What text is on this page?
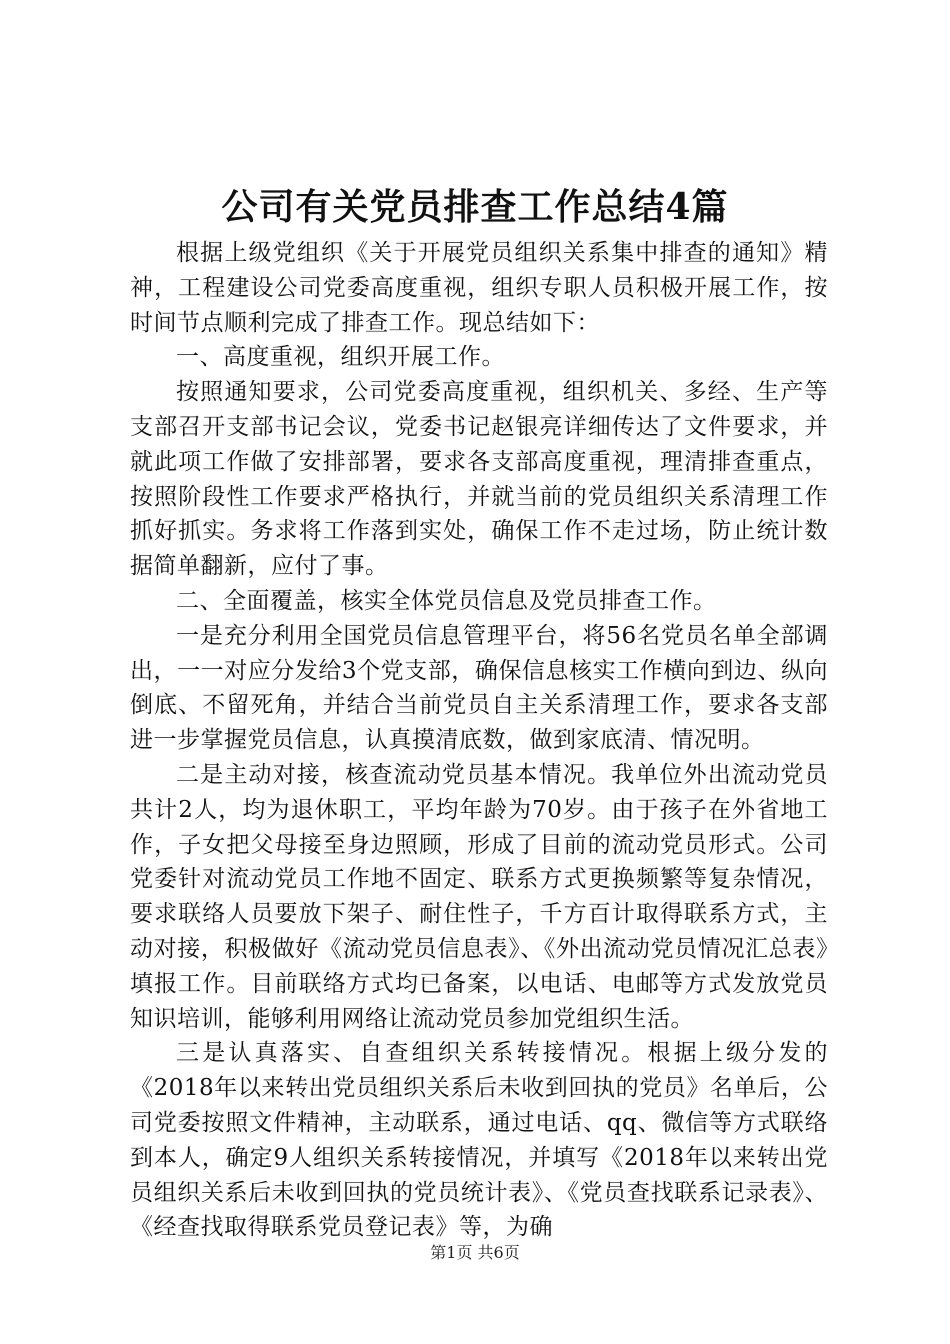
公司有关党员排查工作总结4篇

根据上级党组织《关于开展党员组织关系集中排查的通知》精神，工程建设公司党委高度重视，组织专职人员积极开展工作，按时间节点顺利完成了排查工作。现总结如下：

一、高度重视，组织开展工作。

按照通知要求，公司党委高度重视，组织机关、多经、生产等支部召开支部书记会议，党委书记赵银亮详细传达了文件要求，并就此项工作做了安排部署，要求各支部高度重视，理清排查重点，按照阶段性工作要求严格执行，并就当前的党员组织关系清理工作抓好抓实。务求将工作落到实处，确保工作不走过场，防止统计数据简单翻新，应付了事。

二、全面覆盖，核实全体党员信息及党员排查工作。

一是充分利用全国党员信息管理平台，将56名党员名单全部调出，一一对应分发给3个党支部，确保信息核实工作横向到边、纵向倒底、不留死角，并结合当前党员自主关系清理工作，要求各支部进一步掌握党员信息，认真摸清底数，做到家底清、情况明。

二是主动对接，核查流动党员基本情况。我单位外出流动党员共计2人，均为退休职工，平均年龄为70岁。由于孩子在外省地工作，子女把父母接至身边照顾，形成了目前的流动党员形式。公司党委针对流动党员工作地不固定、联系方式更换频繁等复杂情况，要求联络人员要放下架子、耐住性子，千方百计取得联系方式，主动对接，积极做好《流动党员信息表》、《外出流动党员情况汇总表》填报工作。目前联络方式均已备案，以电话、电邮等方式发放党员知识培训，能够利用网络让流动党员参加党组织生活。

三是认真落实、自查组织关系转接情况。根据上级分发的《2018年以来转出党员组织关系后未收到回执的党员》名单后，公司党委按照文件精神，主动联系，通过电话、qq、微信等方式联络到本人，确定9人组织关系转接情况，并填写《2018年以来转出党员组织关系后未收到回执的党员统计表》、《党员查找联系记录表》、《经查找取得联系党员登记表》等，为确

第1页 共6页
